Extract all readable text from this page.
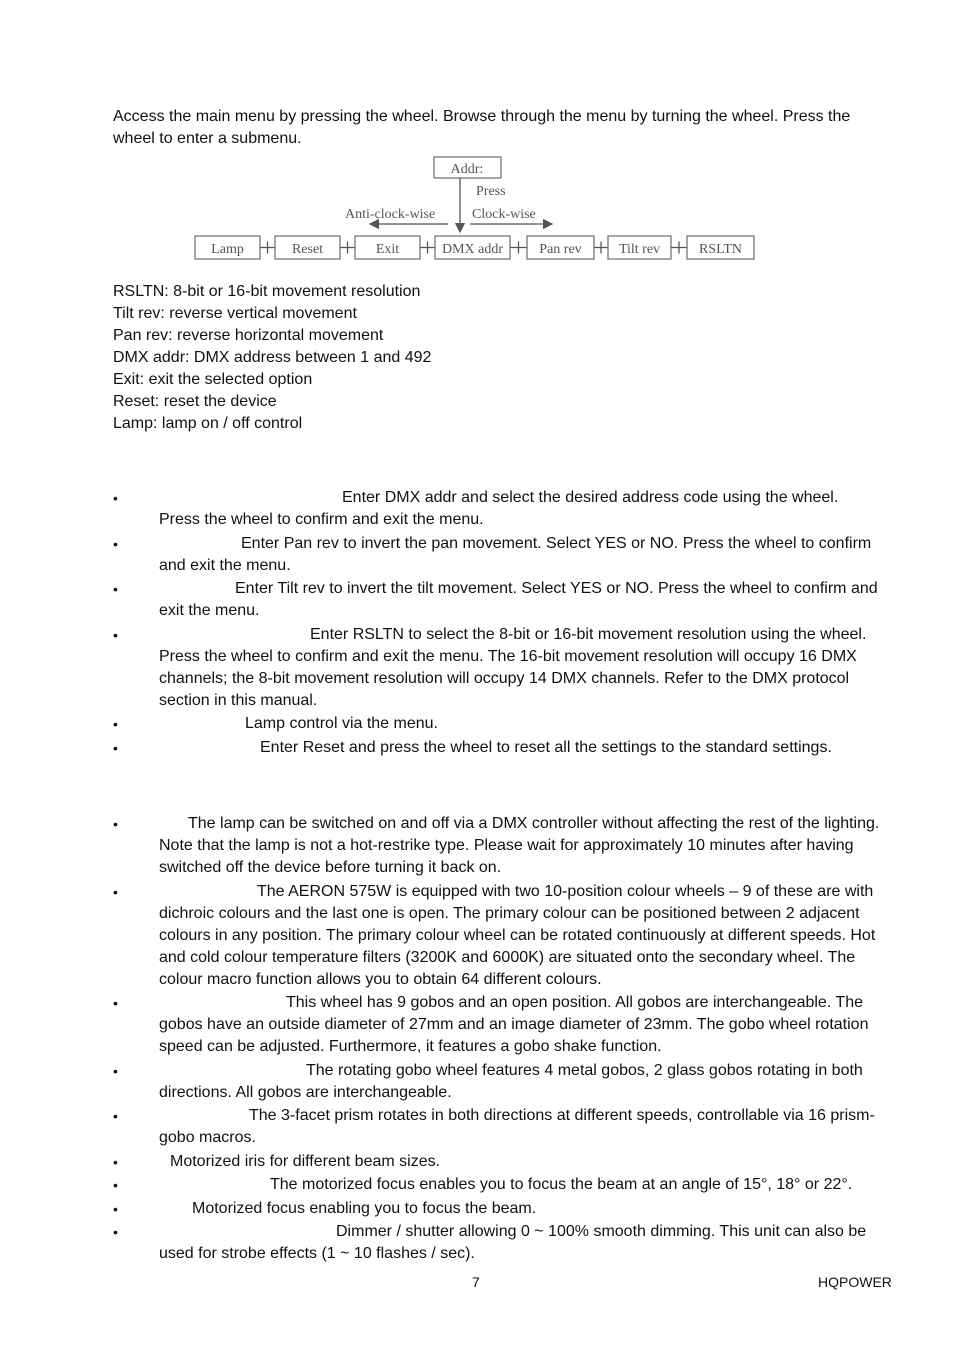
Access the main menu by pressing the wheel. Browse through the menu by turning the wheel. Press the wheel to enter a submenu.

Addr:
Press
Anti-clock-wise	Clock-wise
Lamp	Reset	Exit	DMX addr	Pan rev	Tilt rev	RSLTN
RSLTN: 8-bit or 16-bit movement resolution
Tilt rev: reverse vertical movement
Pan rev: reverse horizontal movement
DMX addr: DMX address between 1 and 492
Exit: exit the selected option
Reset: reset the device
Lamp: lamp on / off control
• Enter DMX addr and select the desired address code using the wheel. Press the wheel to confirm and exit the menu.
• Enter Pan rev to invert the pan movement. Select YES or NO. Press the wheel to confirm and exit the menu.
• Enter Tilt rev to invert the tilt movement. Select YES or NO. Press the wheel to confirm and exit the menu.
• Enter RSLTN to select the 8-bit or 16-bit movement resolution using the wheel. Press the wheel to confirm and exit the menu. The 16-bit movement resolution will occupy 16 DMX channels; the 8-bit movement resolution will occupy 14 DMX channels. Refer to the DMX protocol section in this manual.
• Lamp control via the menu.
• Enter Reset and press the wheel to reset all the settings to the standard settings.
• The lamp can be switched on and off via a DMX controller without affecting the rest of the lighting. Note that the lamp is not a hot-restrike type. Please wait for approximately 10 minutes after having switched off the device before turning it back on.
• The AERON 575W is equipped with two 10-position colour wheels – 9 of these are with dichroic colours and the last one is open. The primary colour can be positioned between 2 adjacent colours in any position. The primary colour wheel can be rotated continuously at different speeds. Hot and cold colour temperature filters (3200K and 6000K) are situated onto the secondary wheel. The colour macro function allows you to obtain 64 different colours.
• This wheel has 9 gobos and an open position. All gobos are interchangeable. The gobos have an outside diameter of 27mm and an image diameter of 23mm. The gobo wheel rotation speed can be adjusted. Furthermore, it features a gobo shake function.
• The rotating gobo wheel features 4 metal gobos, 2 glass gobos rotating in both directions. All gobos are interchangeable.
• The 3-facet prism rotates in both directions at different speeds, controllable via 16 prism-gobo macros.
• Motorized iris for different beam sizes.
• The motorized focus enables you to focus the beam at an angle of 15°, 18° or 22°.
• Motorized focus enabling you to focus the beam.
• Dimmer / shutter allowing 0 ~ 100% smooth dimming. This unit can also be used for strobe effects (1 ~ 10 flashes / sec).
7	HQPOWER
